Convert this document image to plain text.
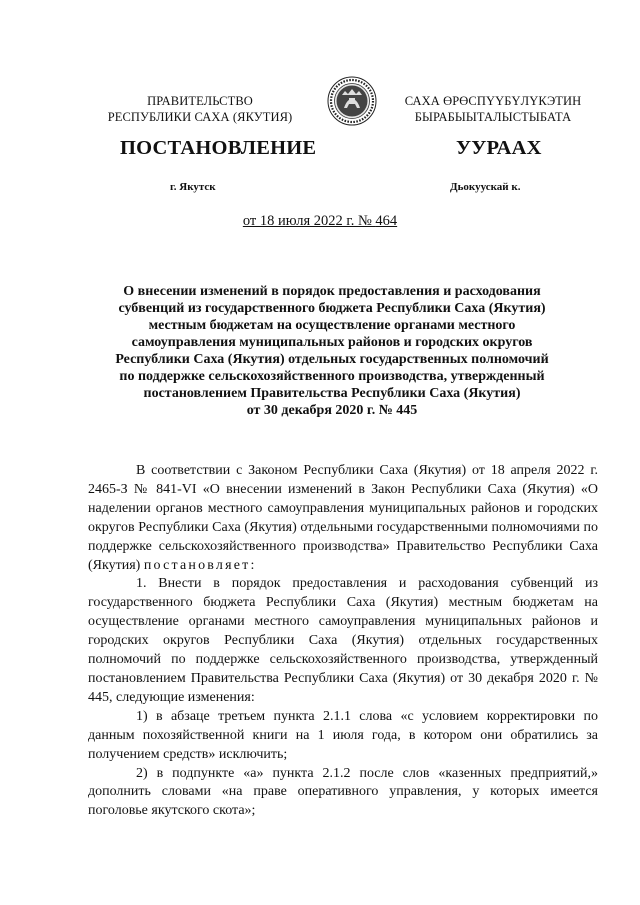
ПРАВИТЕЛЬСТВО
РЕСПУБЛИКИ САХА (ЯКУТИЯ)
САХА ӨРӨСПҮҮБҮЛҮКЭТИН
БЫРАБЫЫТАЛЫСТЫБАТА
ПОСТАНОВЛЕНИЕ	УУРААХ
г. Якутск	Дьокуускай к.
от 18 июля 2022 г. № 464
О внесении изменений в порядок предоставления и расходования
субвенций из государственного бюджета Республики Саха (Якутия)
местным бюджетам на осуществление органами местного
самоуправления муниципальных районов и городских округов
Республики Саха (Якутия) отдельных государственных полномочий
по поддержке сельскохозяйственного производства, утвержденный
постановлением Правительства Республики Саха (Якутия)
от 30 декабря 2020 г. № 445

В соответствии с Законом Республики Саха (Якутия) от 18 апреля 2022 г. 2465-З № 841-VI «О внесении изменений в Закон Республики Саха (Якутия) «О наделении органов местного самоуправления муниципальных районов и городских округов Республики Саха (Якутия) отдельными государственными полномочиями по поддержке сельскохозяйственного производства» Правительство Республики Саха (Якутия) постановляет:

1. Внести в порядок предоставления и расходования субвенций из государственного бюджета Республики Саха (Якутия) местным бюджетам на осуществление органами местного самоуправления муниципальных районов и городских округов Республики Саха (Якутия) отдельных государственных полномочий по поддержке сельскохозяйственного производства, утвержденный постановлением Правительства Республики Саха (Якутия) от 30 декабря 2020 г. № 445, следующие изменения:

1) в абзаце третьем пункта 2.1.1 слова «с условием корректировки по данным похозяйственной книги на 1 июля года, в котором они обратились за получением средств» исключить;

2) в подпункте «а» пункта 2.1.2 после слов «казенных предприятий,» дополнить словами «на праве оперативного управления, у которых имеется поголовье якутского скота»;
